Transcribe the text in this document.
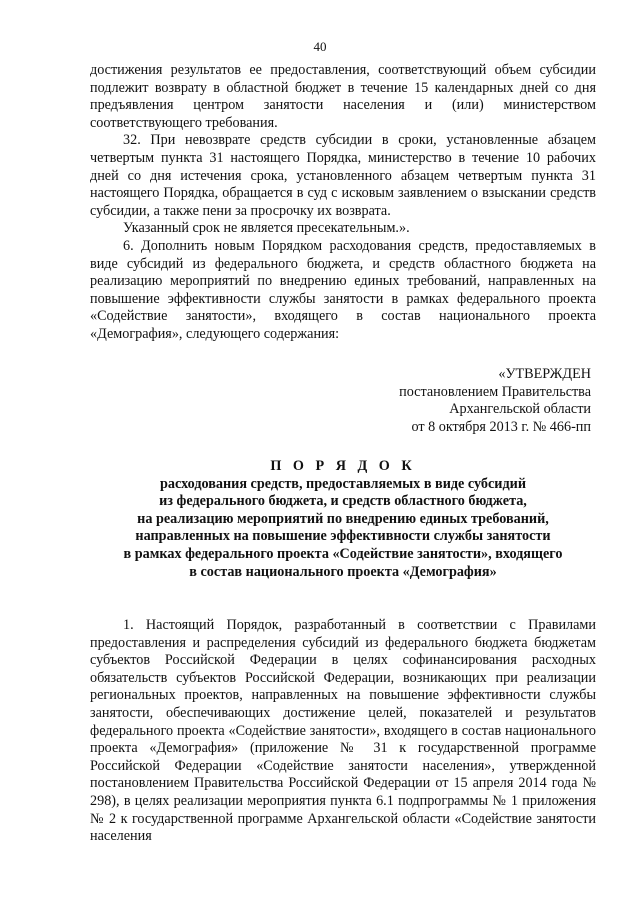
40

достижения результатов ее предоставления, соответствующий объем субсидии подлежит возврату в областной бюджет в течение 15 календарных дней со дня предъявления центром занятости населения и (или) министерством соответствующего требования.

32. При невозврате средств субсидии в сроки, установленные абзацем четвертым пункта 31 настоящего Порядка, министерство в течение 10 рабочих дней со дня истечения срока, установленного абзацем четвертым пункта 31 настоящего Порядка, обращается в суд с исковым заявлением о взыскании средств субсидии, а также пени за просрочку их возврата.

Указанный срок не является пресекательным.».

6. Дополнить новым Порядком расходования средств, предоставляемых в виде субсидий из федерального бюджета, и средств областного бюджета на реализацию мероприятий по внедрению единых требований, направленных на повышение эффективности службы занятости в рамках федерального проекта «Содействие занятости», входящего в состав национального проекта «Демография», следующего содержания:

«УТВЕРЖДЕН
постановлением Правительства
Архангельской области
от 8 октября 2013 г. № 466-пп
П О Р Я Д О К
расходования средств, предоставляемых в виде субсидий
из федерального бюджета, и средств областного бюджета,
на реализацию мероприятий по внедрению единых требований,
направленных на повышение эффективности службы занятости
в рамках федерального проекта «Содействие занятости», входящего
в состав национального проекта «Демография»

1. Настоящий Порядок, разработанный в соответствии с Правилами предоставления и распределения субсидий из федерального бюджета бюджетам субъектов Российской Федерации в целях софинансирования расходных обязательств субъектов Российской Федерации, возникающих при реализации региональных проектов, направленных на повышение эффективности службы занятости, обеспечивающих достижение целей, показателей и результатов федерального проекта «Содействие занятости», входящего в состав национального проекта «Демография» (приложение № 31 к государственной программе Российской Федерации «Содействие занятости населения», утвержденной постановлением Правительства Российской Федерации от 15 апреля 2014 года № 298), в целях реализации мероприятия пункта 6.1 подпрограммы № 1 приложения № 2 к государственной программе Архангельской области «Содействие занятости населения
